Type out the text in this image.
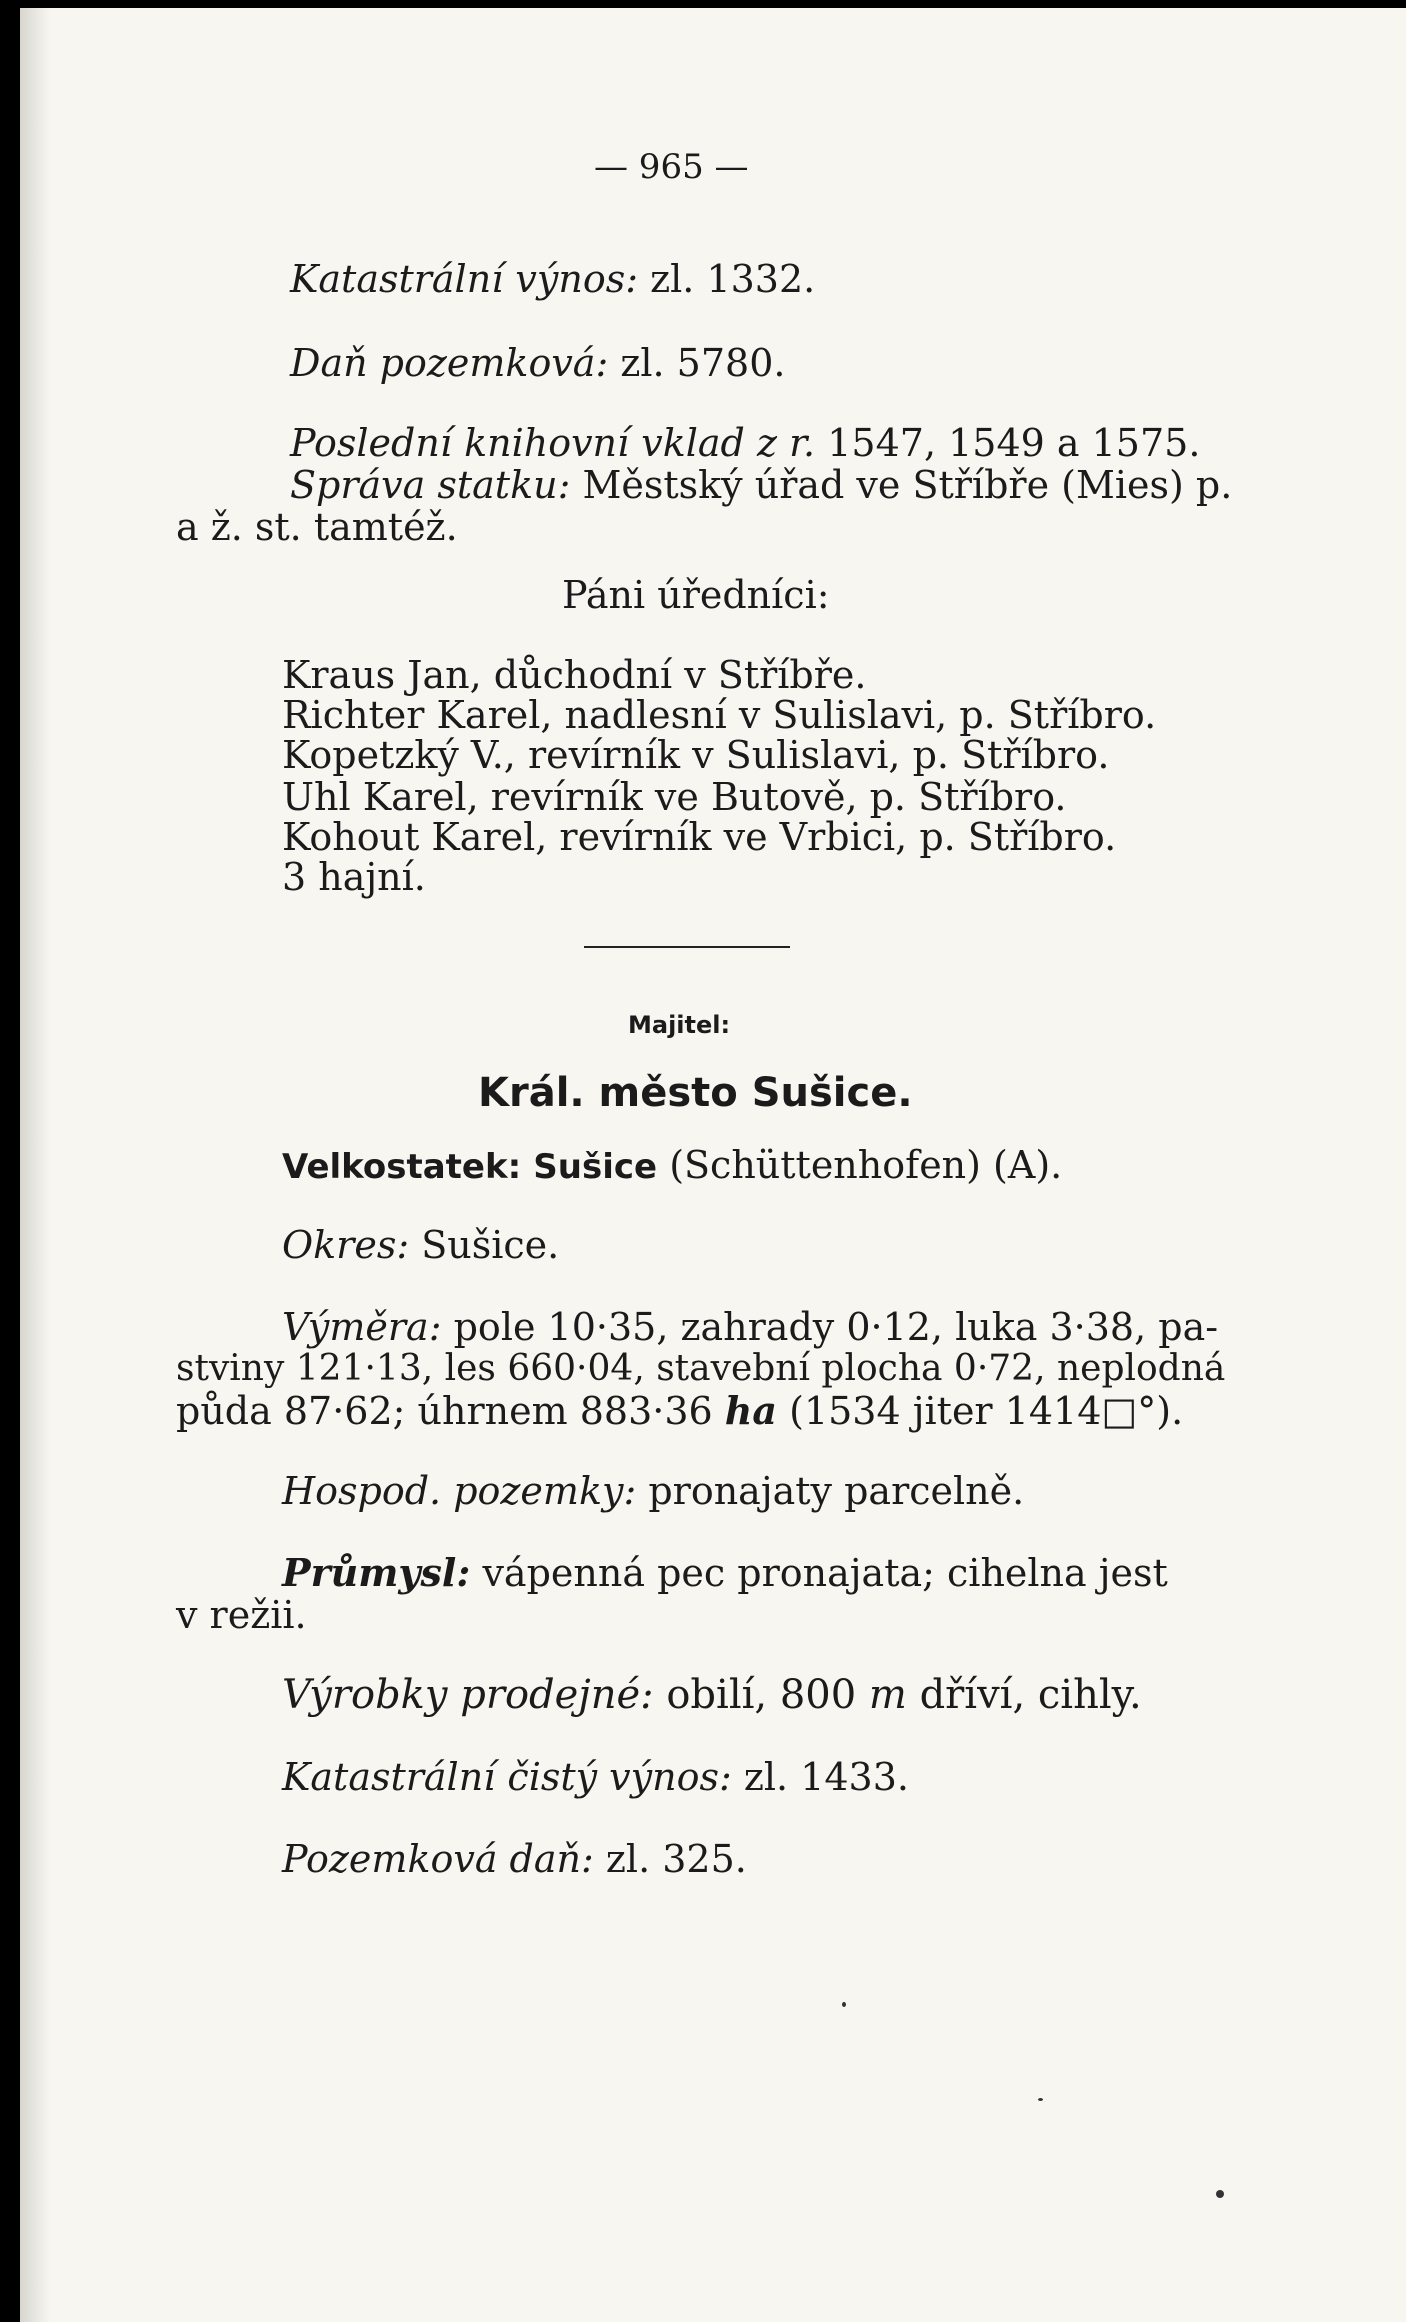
— 965 —
Katastrální výnos: zl. 1332.
Daň pozemková: zl. 5780.
Poslední knihovní vklad z r. 1547, 1549 a 1575.
Správa statku: Městský úřad ve Stříbře (Mies) p.
a ž. st. tamtéž.
Páni úředníci:
Kraus Jan, důchodní v Stříbře.
Richter Karel, nadlesní v Sulislavi, p. Stříbro.
Kopetzký V., revírník v Sulislavi, p. Stříbro.
Uhl Karel, revírník ve Butově, p. Stříbro.
Kohout Karel, revírník ve Vrbici, p. Stříbro.
3 hajní.
Majitel:
Král. město Sušice.
Velkostatek: Sušice (Schüttenhofen) (A).
Okres: Sušice.
Výměra: pole 10·35, zahrady 0·12, luka 3·38, pa-
stviny 121·13, les 660·04, stavební plocha 0·72, neplodná
půda 87·62; úhrnem 883·36 ha (1534 jiter 1414□°).
Hospod. pozemky: pronajaty parcelně.
Průmysl: vápenná pec pronajata; cihelna jest
v režii.
Výrobky prodejné: obilí, 800 m dříví, cihly.
Katastrální čistý výnos: zl. 1433.
Pozemková daň: zl. 325.
